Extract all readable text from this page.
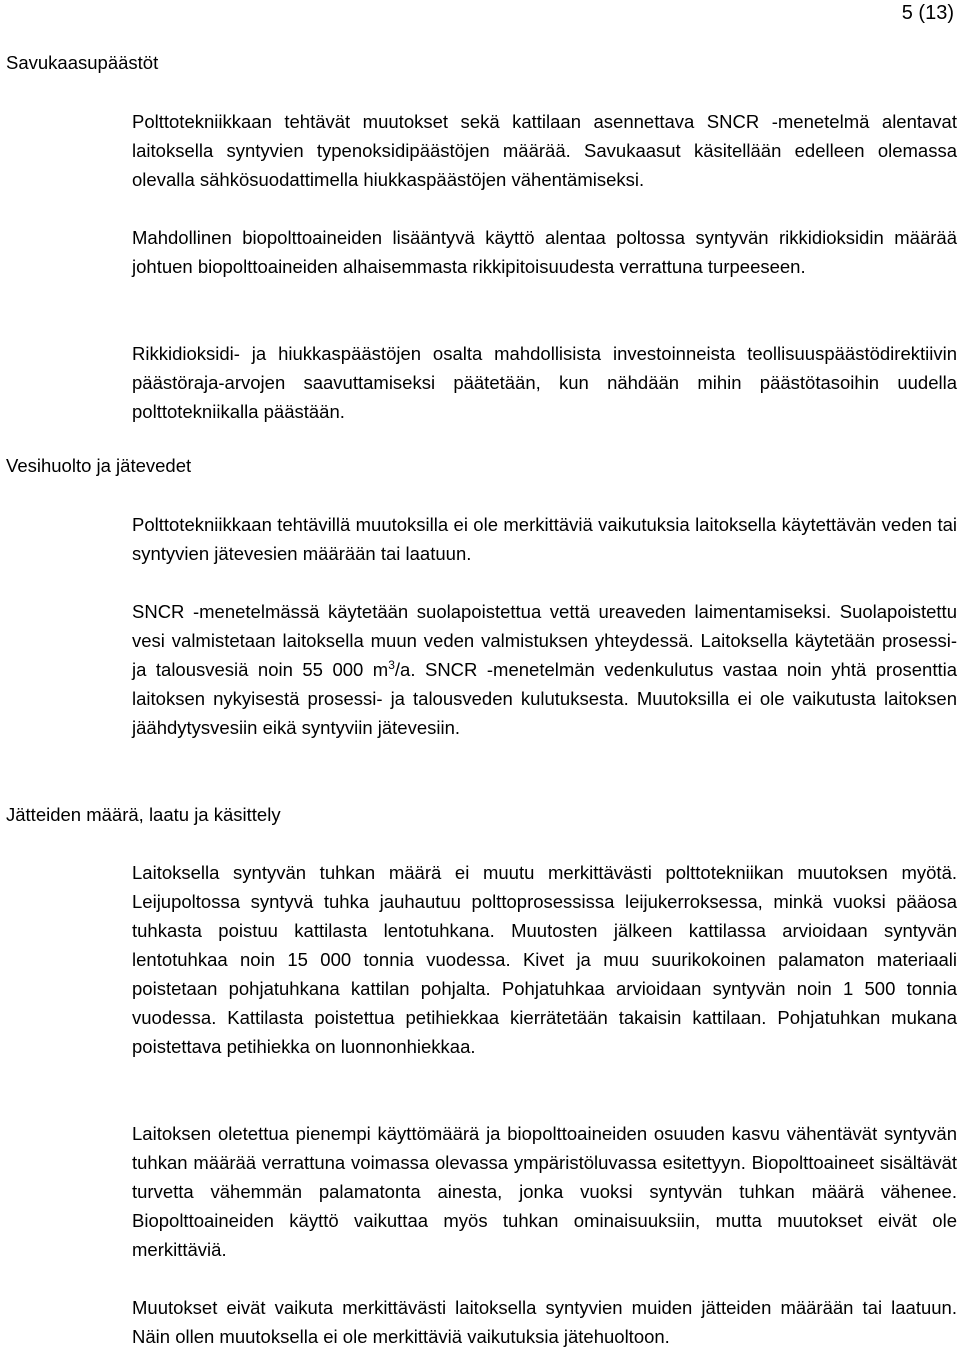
5 (13)
Savukaasupäästöt
Polttotekniikkaan tehtävät muutokset sekä kattilaan asennettava SNCR -menetelmä alentavat laitoksella syntyvien typenoksidipäästöjen määrää. Savukaasut käsitellään edelleen olemassa olevalla sähkösuodattimella hiukkaspäästöjen vähentämiseksi.
Mahdollinen biopolttoaineiden lisääntyvä käyttö alentaa poltossa syntyvän rikkidioksidin määrää johtuen biopolttoaineiden alhaisemmasta rikkipitoisuudesta verrattuna turpeeseen.
Rikkidioksidi- ja hiukkaspäästöjen osalta mahdollisista investoinneista teollisuuspäästödirektiivin päästöraja-arvojen saavuttamiseksi päätetään, kun nähdään mihin päästötasoihin uudella polttotekniikalla päästään.
Vesihuolto ja jätevedet
Polttotekniikkaan tehtävillä muutoksilla ei ole merkittäviä vaikutuksia laitoksella käytettävän veden tai syntyvien jätevesien määrään tai laatuun.
SNCR -menetelmässä käytetään suolapoistettua vettä ureaveden laimentamiseksi. Suolapoistettu vesi valmistetaan laitoksella muun veden valmistuksen yhteydessä. Laitoksella käytetään prosessi- ja talousvesiä noin 55 000 $m^3/a$. SNCR -menetelmän vedenkulutus vastaa noin yhtä prosenttia laitoksen nykyisestä prosessi- ja talousveden kulutuksesta. Muutoksilla ei ole vaikutusta laitoksen jäähdytysvesiin eikä syntyviin jätevesiin.
Jätteiden määrä, laatu ja käsittely
Laitoksella syntyvän tuhkan määrä ei muutu merkittävästi polttotekniikan muutoksen myötä. Leijupoltossa syntyvä tuhka jauhautuu polttoprosessissa leijukerroksessa, minkä vuoksi pääosa tuhkasta poistuu kattilasta lentotuhkana. Muutosten jälkeen kattilassa arvioidaan syntyvän lentotuhkaa noin 15 000 tonnia vuodessa. Kivet ja muu suurikokoinen palamaton materiaali poistetaan pohjatuhkana kattilan pohjalta. Pohjatuhkaa arvioidaan syntyvän noin 1 500 tonnia vuodessa. Kattilasta poistettua petihiekkaa kierrätetään takaisin kattilaan. Pohjatuhkan mukana poistettava petihiekka on luonnonhiekkaa.
Laitoksen oletettua pienempi käyttömäärä ja biopolttoaineiden osuuden kasvu vähentävät syntyvän tuhkan määrää verrattuna voimassa olevassa ympäristöluvassa esitettyyn. Biopolttoaineet sisältävät turvetta vähemmän palamatonta ainesta, jonka vuoksi syntyvän tuhkan määrä vähenee. Biopolttoaineiden käyttö vaikuttaa myös tuhkan ominaisuuksiin, mutta muutokset eivät ole merkittäviä.
Muutokset eivät vaikuta merkittävästi laitoksella syntyvien muiden jätteiden määrään tai laatuun. Näin ollen muutoksella ei ole merkittäviä vaikutuksia jätehuoltoon.
